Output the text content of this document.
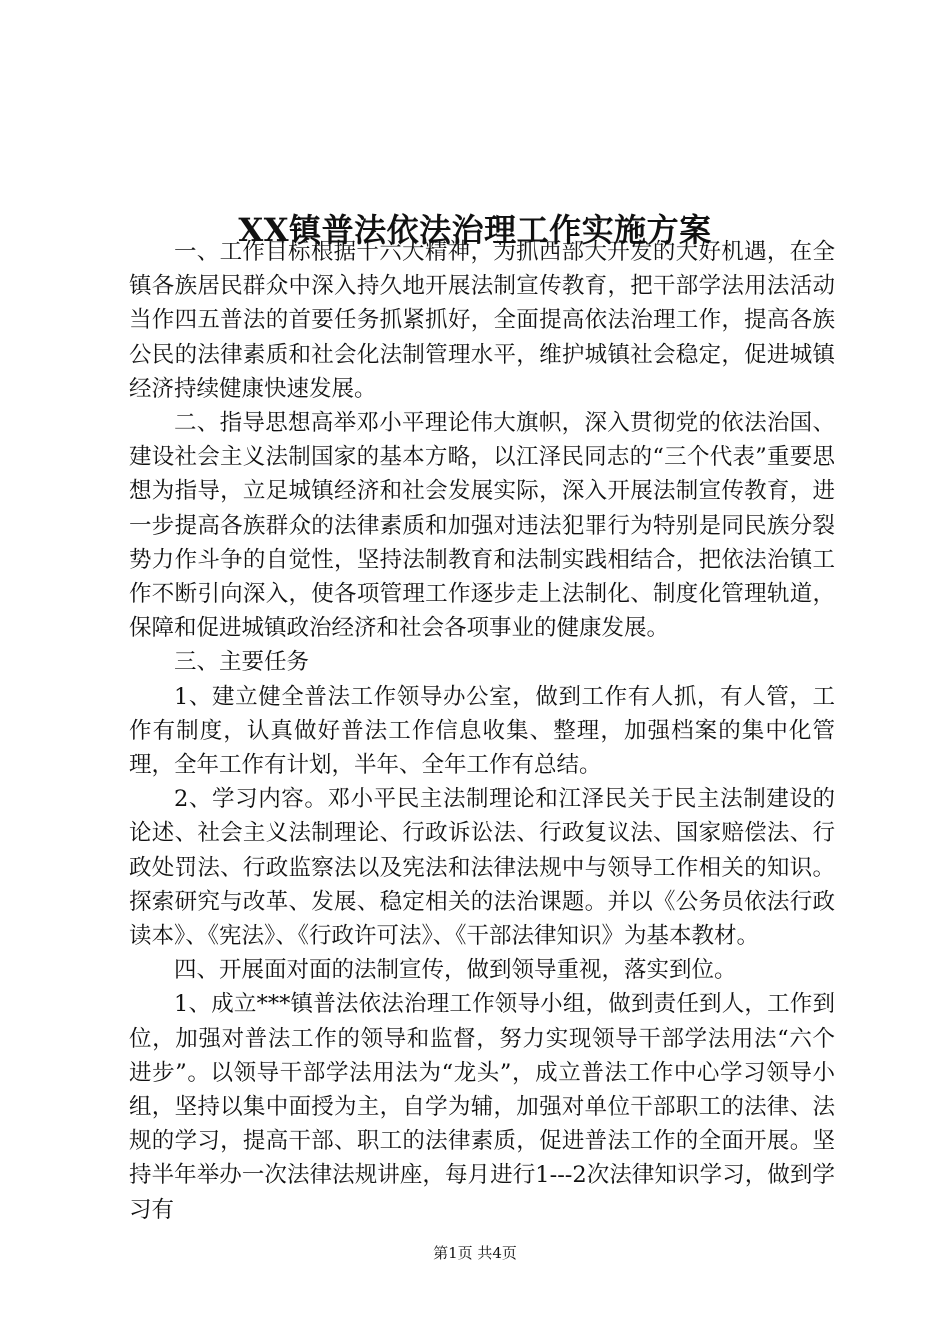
XX镇普法依法治理工作实施方案

一、工作目标根据十六大精神，为抓西部大开发的大好机遇，在全镇各族居民群众中深入持久地开展法制宣传教育，把干部学法用法活动当作四五普法的首要任务抓紧抓好，全面提高依法治理工作，提高各族公民的法律素质和社会化法制管理水平，维护城镇社会稳定，促进城镇经济持续健康快速发展。

二、指导思想高举邓小平理论伟大旗帜，深入贯彻党的依法治国、建设社会主义法制国家的基本方略，以江泽民同志的“三个代表”重要思想为指导，立足城镇经济和社会发展实际，深入开展法制宣传教育，进一步提高各族群众的法律素质和加强对违法犯罪行为特别是同民族分裂势力作斗争的自觉性，坚持法制教育和法制实践相结合，把依法治镇工作不断引向深入，使各项管理工作逐步走上法制化、制度化管理轨道，保障和促进城镇政治经济和社会各项事业的健康发展。

三、主要任务

1、建立健全普法工作领导办公室，做到工作有人抓，有人管，工作有制度，认真做好普法工作信息收集、整理，加强档案的集中化管理，全年工作有计划，半年、全年工作有总结。

2、学习内容。邓小平民主法制理论和江泽民关于民主法制建设的论述、社会主义法制理论、行政诉讼法、行政复议法、国家赔偿法、行政处罚法、行政监察法以及宪法和法律法规中与领导工作相关的知识。探索研究与改革、发展、稳定相关的法治课题。并以《公务员依法行政读本》、《宪法》、《行政许可法》、《干部法律知识》为基本教材。

四、开展面对面的法制宣传，做到领导重视，落实到位。

1、成立***镇普法依法治理工作领导小组，做到责任到人，工作到位，加强对普法工作的领导和监督，努力实现领导干部学法用法“六个进步”。以领导干部学法用法为“龙头”，成立普法工作中心学习领导小组，坚持以集中面授为主，自学为辅，加强对单位干部职工的法律、法规的学习，提高干部、职工的法律素质，促进普法工作的全面开展。坚持半年举办一次法律法规讲座，每月进行1---2次法律知识学习，做到学习有

第1页 共4页
